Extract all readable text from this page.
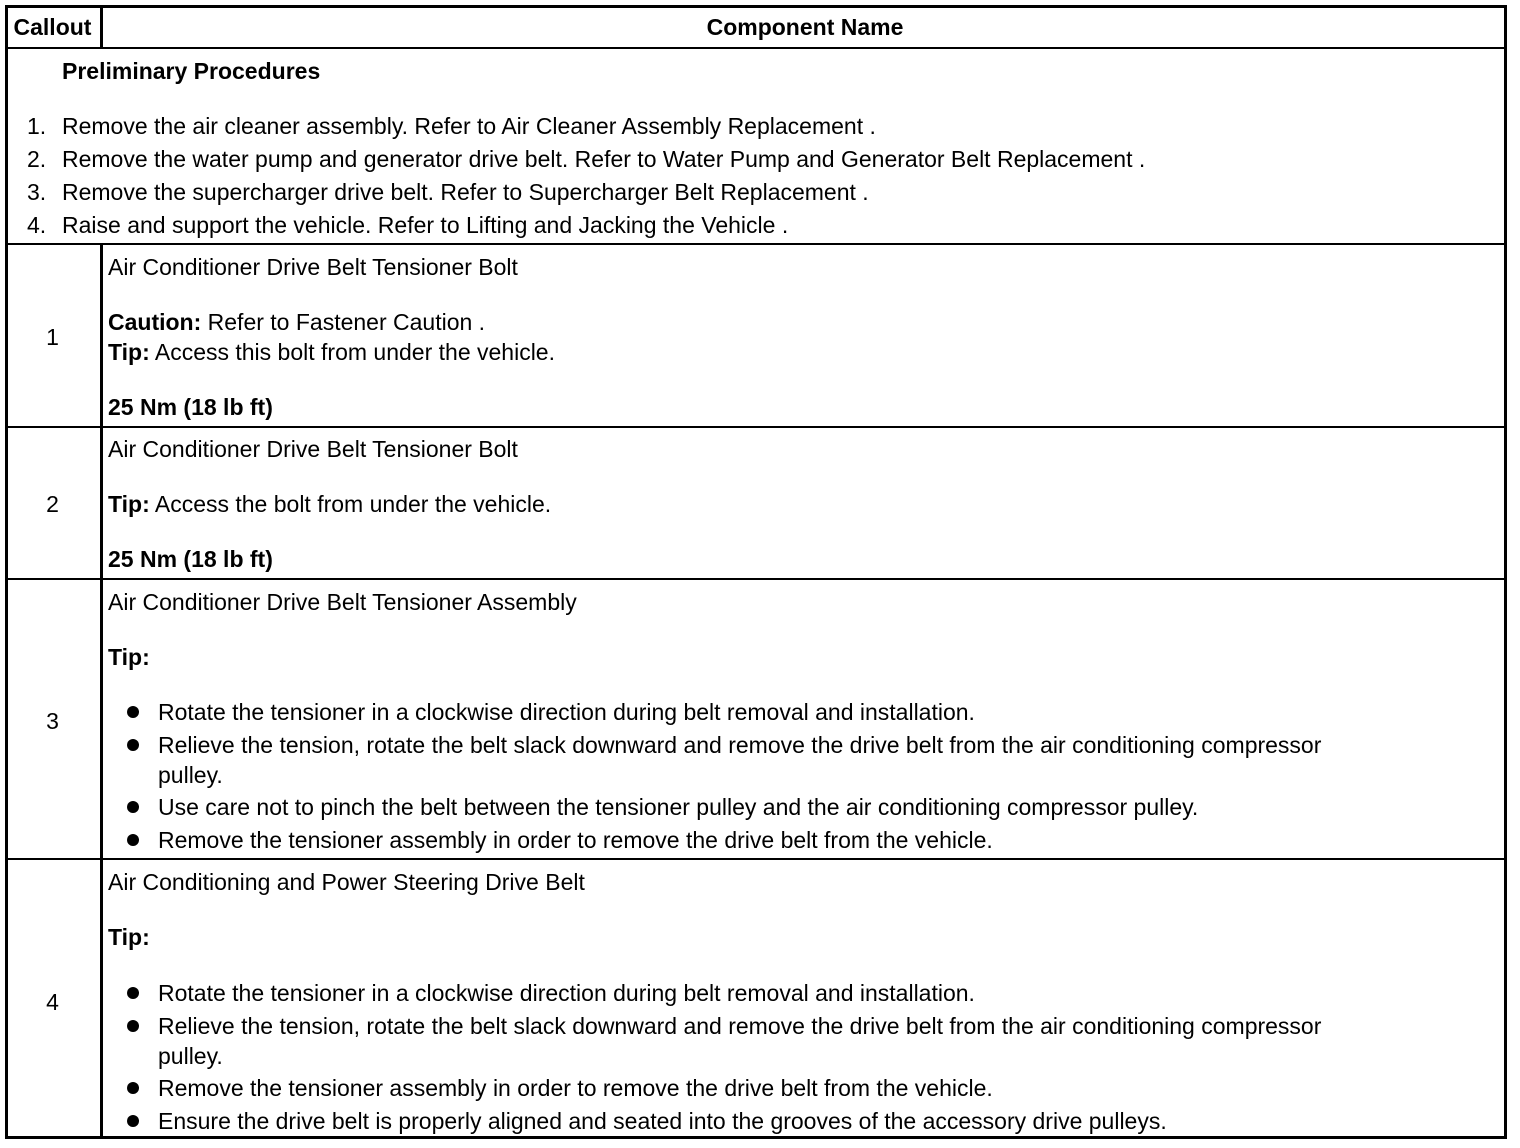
Callout	Component Name
Preliminary Procedures
1. Remove the air cleaner assembly. Refer to Air Cleaner Assembly Replacement .
2. Remove the water pump and generator drive belt. Refer to Water Pump and Generator Belt Replacement .
3. Remove the supercharger drive belt. Refer to Supercharger Belt Replacement .
4. Raise and support the vehicle. Refer to Lifting and Jacking the Vehicle .
1
Air Conditioner Drive Belt Tensioner Bolt
Caution: Refer to Fastener Caution .
Tip: Access this bolt from under the vehicle.
25 Nm (18 lb ft)
2
Air Conditioner Drive Belt Tensioner Bolt
Tip: Access the bolt from under the vehicle.
25 Nm (18 lb ft)
3
Air Conditioner Drive Belt Tensioner Assembly
Tip:
Rotate the tensioner in a clockwise direction during belt removal and installation.
Relieve the tension, rotate the belt slack downward and remove the drive belt from the air conditioning compressor
pulley.
Use care not to pinch the belt between the tensioner pulley and the air conditioning compressor pulley.
Remove the tensioner assembly in order to remove the drive belt from the vehicle.
4
Air Conditioning and Power Steering Drive Belt
Tip:
Rotate the tensioner in a clockwise direction during belt removal and installation.
Relieve the tension, rotate the belt slack downward and remove the drive belt from the air conditioning compressor
pulley.
Remove the tensioner assembly in order to remove the drive belt from the vehicle.
Ensure the drive belt is properly aligned and seated into the grooves of the accessory drive pulleys.
